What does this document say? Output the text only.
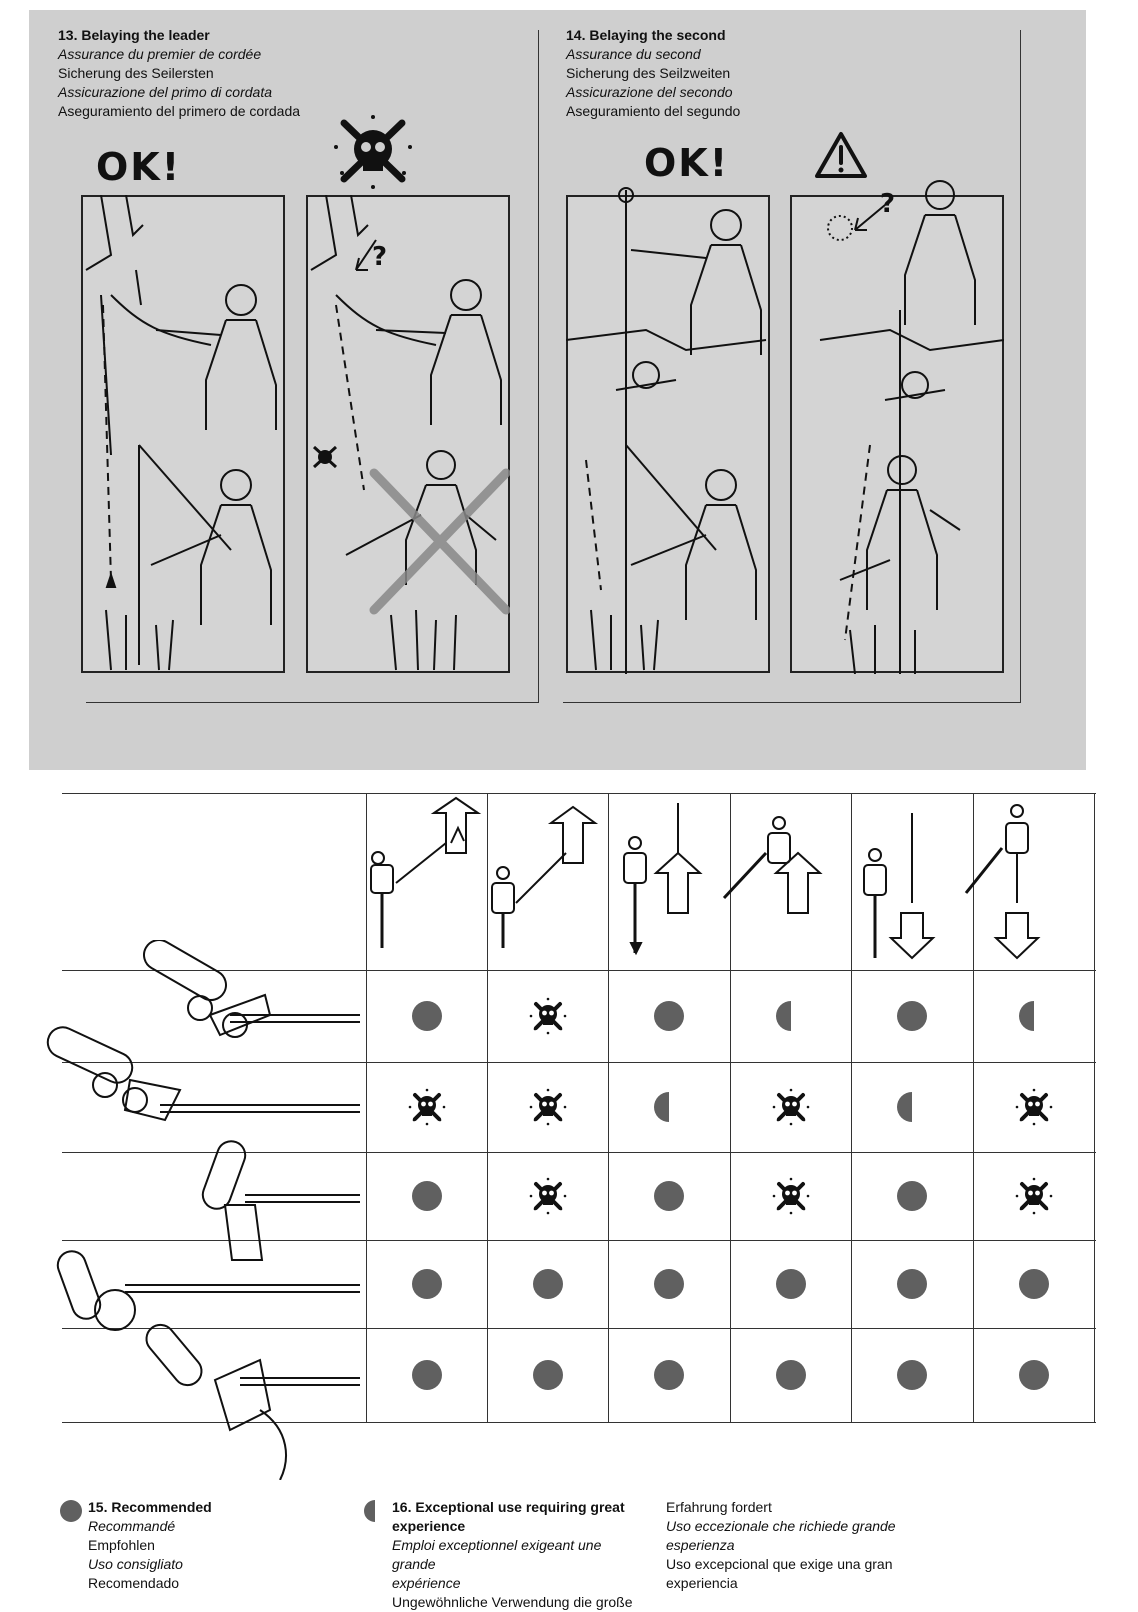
13. Belaying the leader
Assurance du premier de cordée
Sicherung des Seilersten
Assicurazione del primo di cordata
Aseguramiento del primero de cordada
14. Belaying the second
Assurance du second
Sicherung des Seilzweiten
Assicurazione del secondo
Aseguramiento del segundo
OK!	OK!
?
?
15. Recommended
Recommandé
Empfohlen
Uso consigliato
Recomendado
16. Exceptional use requiring great
experience
Emploi exceptionnel exigeant une grande
expérience
Ungewöhnliche Verwendung die große
Erfahrung fordert
Uso eccezionale che richiede grande
esperienza
Uso excepcional que exige una gran
experiencia
